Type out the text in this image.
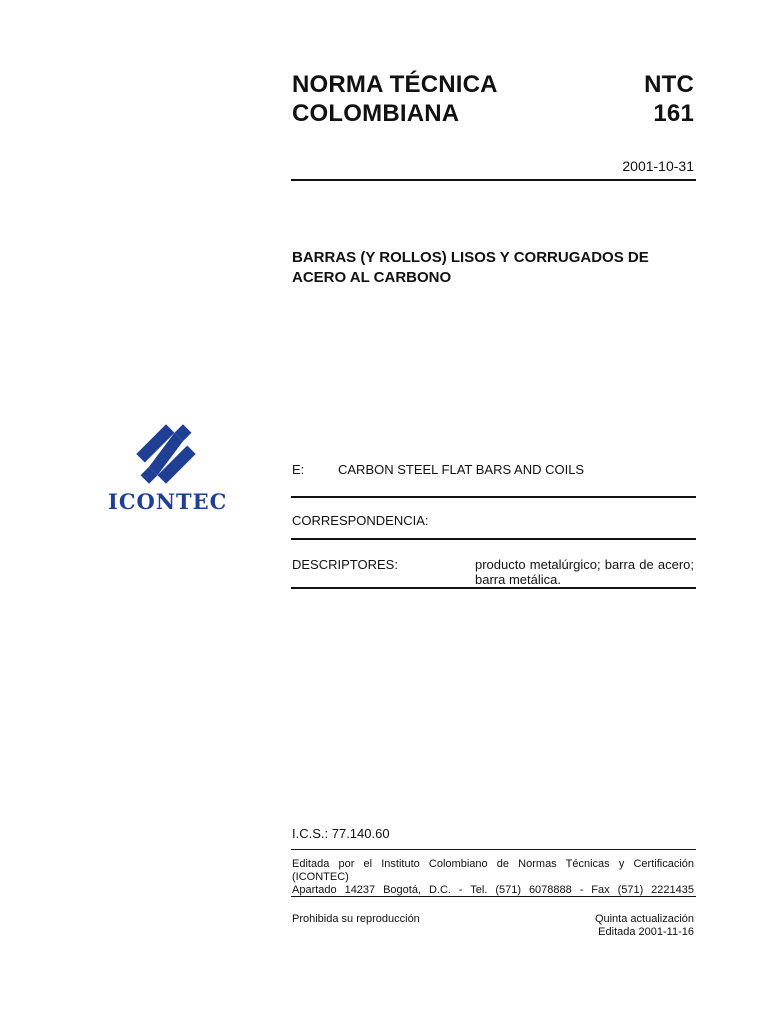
NORMA TÉCNICA
COLOMBIANA
NTC
161
2001-10-31
BARRAS (Y ROLLOS) LISOS Y CORRUGADOS DE
ACERO AL CARBONO
ICONTEC
E:	CARBON STEEL FLAT BARS AND COILS
CORRESPONDENCIA:
DESCRIPTORES:	producto metalúrgico; barra de acero;
barra metálica.
I.C.S.: 77.140.60
Editada por el Instituto Colombiano de Normas Técnicas y Certificación (ICONTEC)
Apartado 14237 Bogotá, D.C. - Tel. (571) 6078888 - Fax (571) 2221435
Prohibida su reproducción	Quinta actualización
Editada 2001-11-16
